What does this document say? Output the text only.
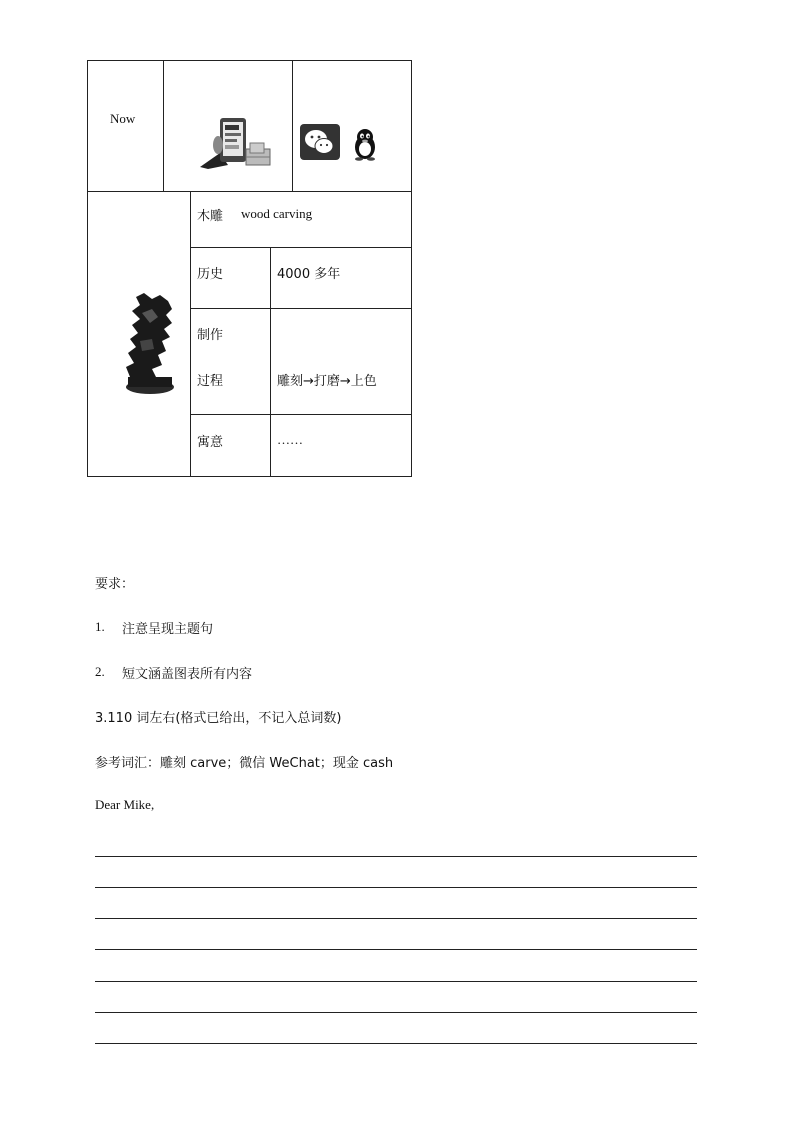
Now
木雕 wood carving
历史	4000 多年
制作
过程	雕刻→打磨→上色
寓意	……
要求：
1. 注意呈现主题句
2. 短文涵盖图表所有内容
3.110 词左右(格式已给出，不记入总词数)
参考词汇：雕刻 carve；微信 WeChat；现金 cash
Dear Mike,
